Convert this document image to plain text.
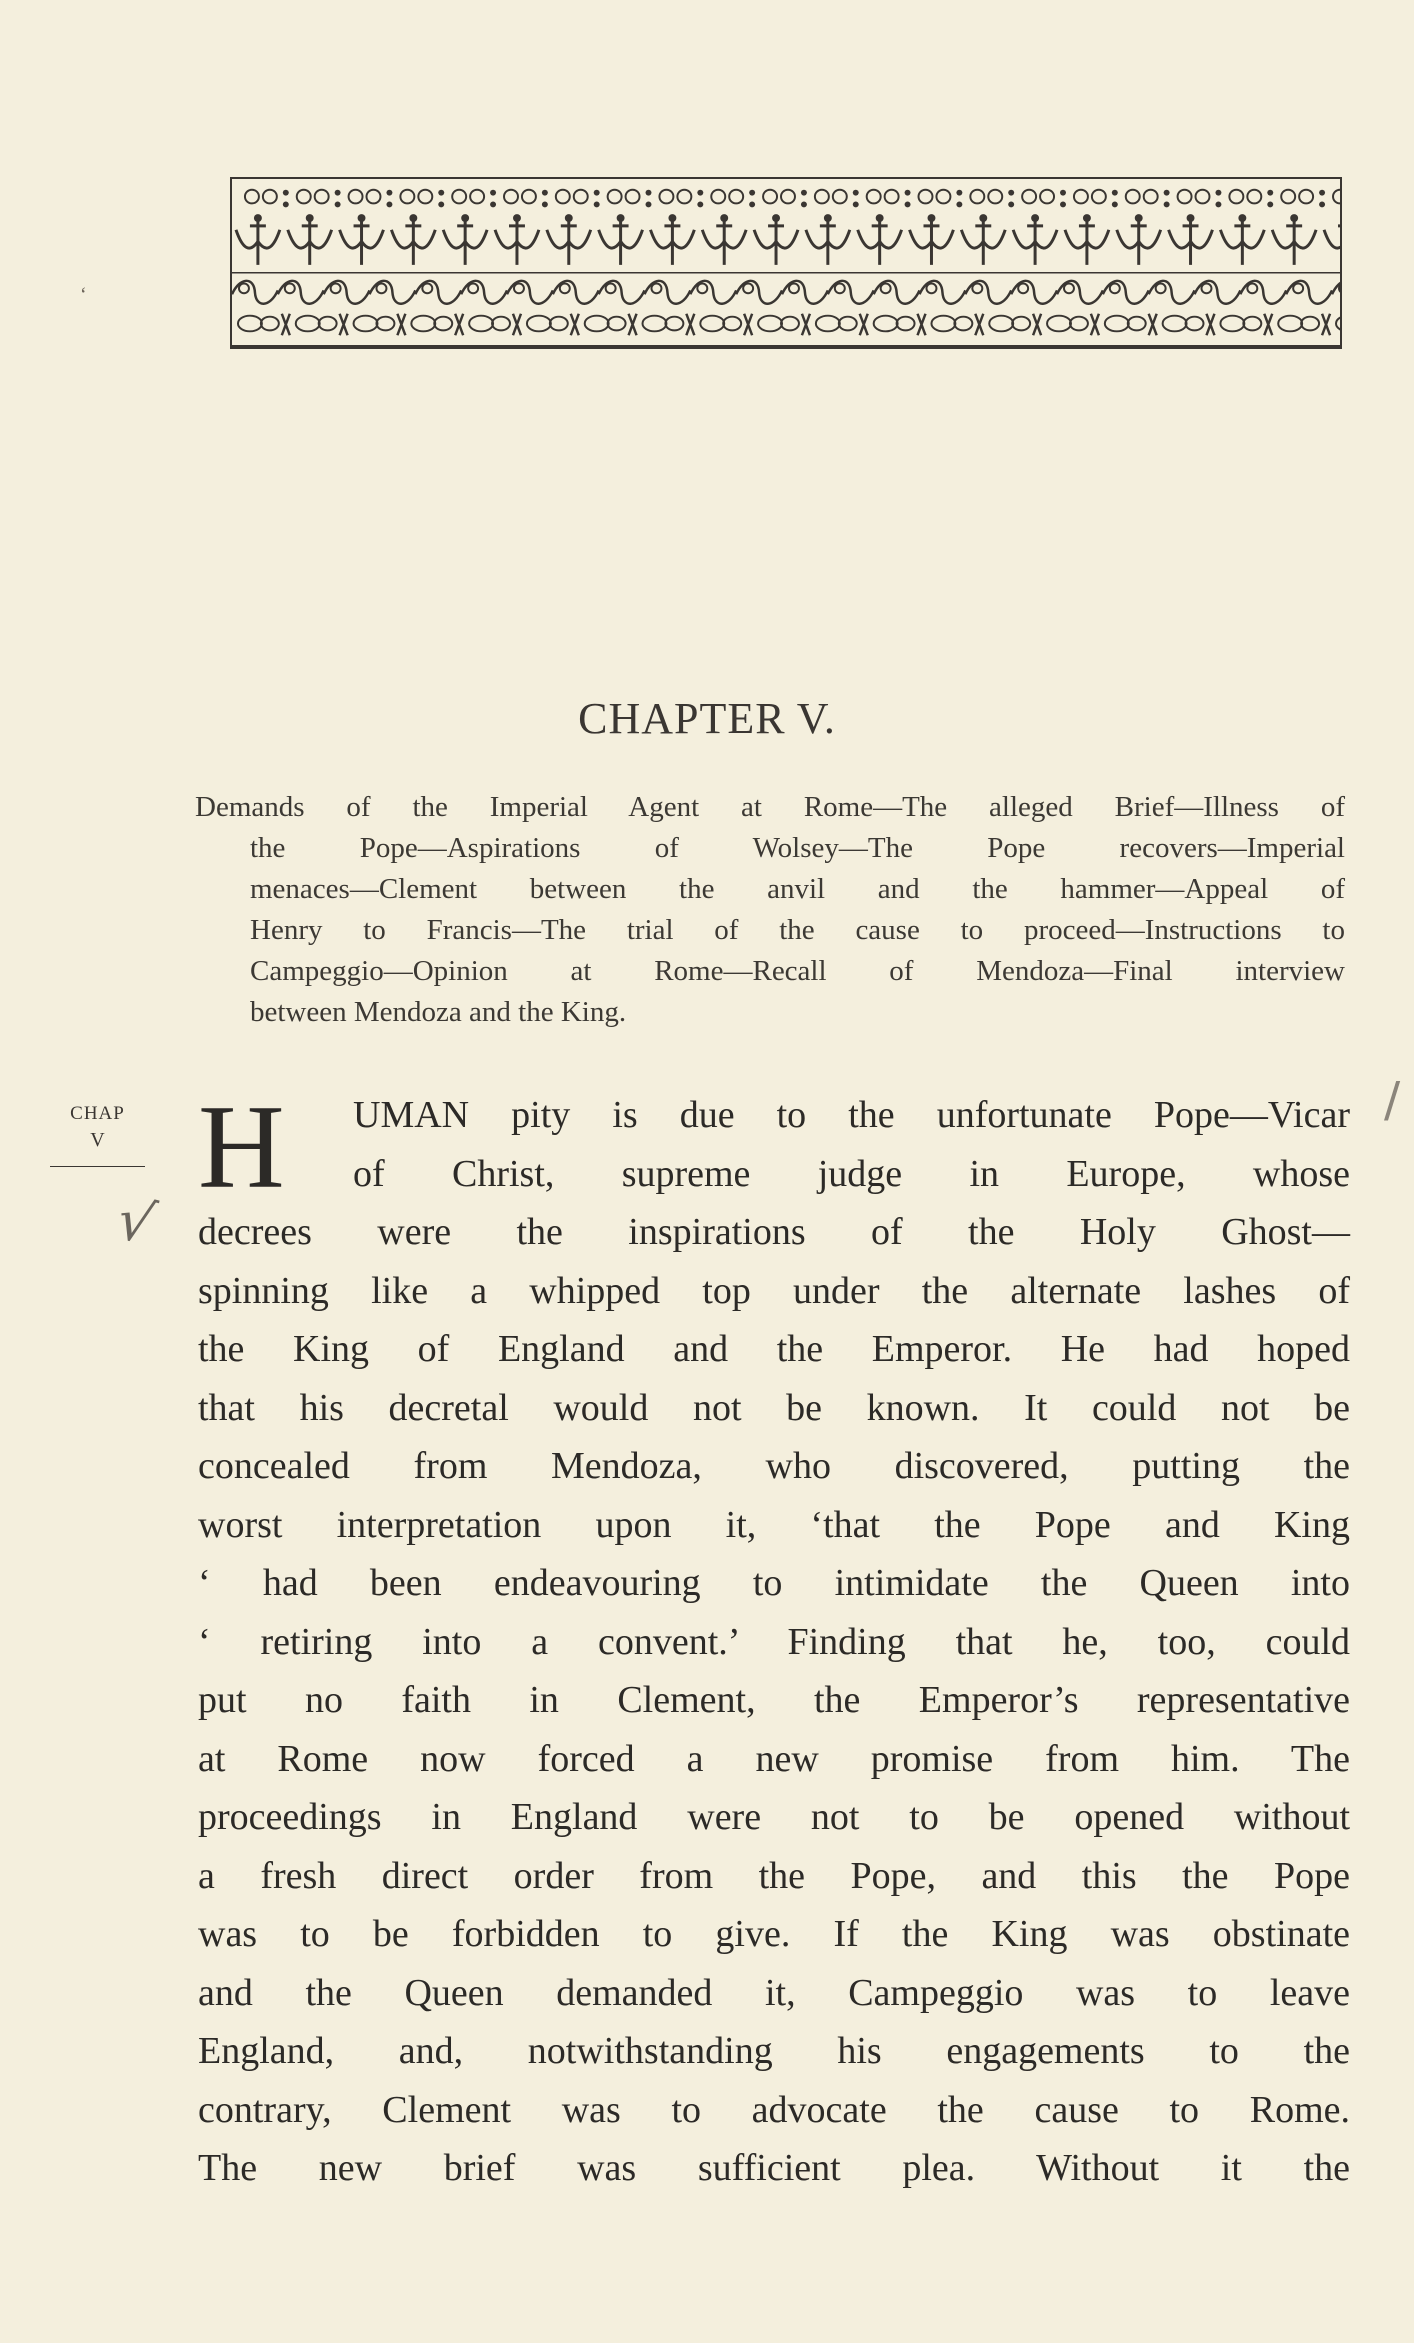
‘
CHAPTER V.
Demands of the Imperial Agent at Rome—The alleged Brief—Illness of
the Pope—Aspirations of Wolsey—The Pope recovers—Imperial
menaces—Clement between the anvil and the hammer—Appeal of
Henry to Francis—The trial of the cause to proceed—Instructions to
Campeggio—Opinion at Rome—Recall of Mendoza—Final interview
between Mendoza and the King.
CHAP
V
√
/
H	UMAN pity is due to the unfortunate Pope—Vicar
of Christ, supreme judge in Europe, whose
decrees were the inspirations of the Holy Ghost—
spinning like a whipped top under the alternate lashes of
the King of England and the Emperor. He had hoped
that his decretal would not be known. It could not be
concealed from Mendoza, who discovered, putting the
worst interpretation upon it, ‘that the Pope and King
‘ had been endeavouring to intimidate the Queen into
‘ retiring into a convent.’ Finding that he, too, could
put no faith in Clement, the Emperor’s representative
at Rome now forced a new promise from him. The
proceedings in England were not to be opened without
a fresh direct order from the Pope, and this the Pope
was to be forbidden to give. If the King was obstinate
and the Queen demanded it, Campeggio was to leave
England, and, notwithstanding his engagements to the
contrary, Clement was to advocate the cause to Rome.
The new brief was sufficient plea. Without it the
